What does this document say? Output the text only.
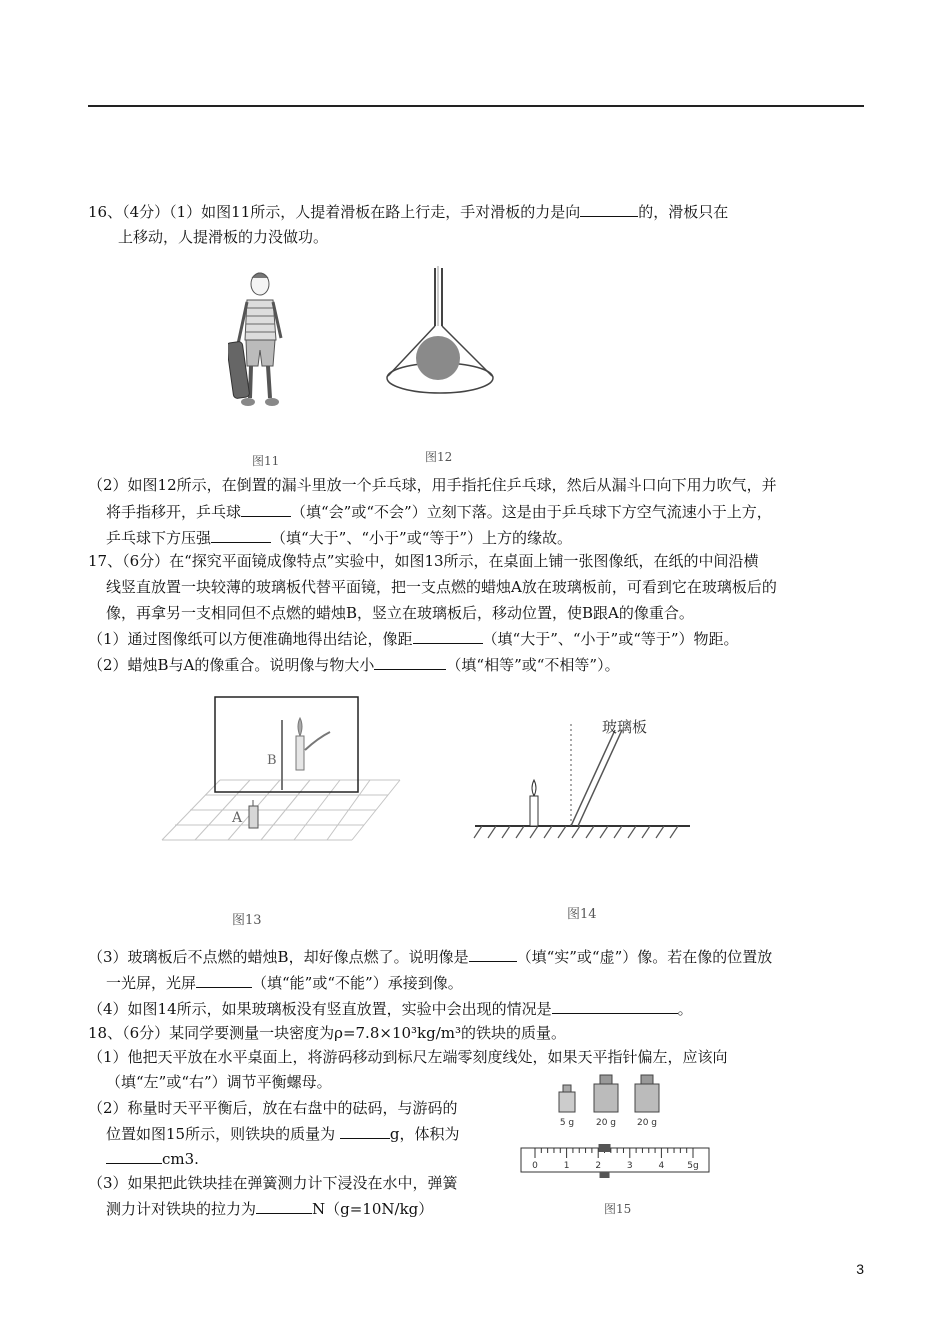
16、（4分）（1）如图11所示，人提着滑板在路上行走，手对滑板的力是向	的，滑板只在
上移动，人提滑板的力没做功。
图11	图12
（2）如图12所示，在倒置的漏斗里放一个乒乓球，用手指托住乒乓球，然后从漏斗口向下用力吹气，并
将手指移开，乒乓球	（填“会”或“不会”）立刻下落。这是由于乒乓球下方空气流速小于上方，
乒乓球下方压强	（填“大于”、“小于”或“等于”）上方的缘故。
17、（6分）在“探究平面镜成像特点”实验中，如图13所示，在桌面上铺一张图像纸，在纸的中间沿横
线竖直放置一块较薄的玻璃板代替平面镜，把一支点燃的蜡烛A放在玻璃板前，可看到它在玻璃板后的
像，再拿另一支相同但不点燃的蜡烛B，竖立在玻璃板后，移动位置，使B跟A的像重合。
（1）通过图像纸可以方便准确地得出结论，像距	（填“大于”、“小于”或“等于”）物距。
（2）蜡烛B与A的像重合。说明像与物大小	（填“相等”或“不相等”）。
B
A
图13
玻璃板
图14
（3）玻璃板后不点燃的蜡烛B，却好像点燃了。说明像是	（填“实”或“虚”）像。若在像的位置放
一光屏，光屏	（填“能”或“不能”）承接到像。
（4）如图14所示，如果玻璃板没有竖直放置，实验中会出现的情况是	。
18、（6分）某同学要测量一块密度为ρ=7.8×10³kg/m³的铁块的质量。
（1）他把天平放在水平桌面上，将游码移动到标尺左端零刻度线处，如果天平指针偏左，应该向
（填“左”或“右”）调节平衡螺母。
（2）称量时天平平衡后，放在右盘中的砝码，与游码的
位置如图15所示，则铁块的质量为	g，体积为
cm3.
（3）如果把此铁块挂在弹簧测力计下浸没在水中，弹簧
测力计对铁块的拉力为	N（g=10N/kg）
5 g 20 g 20 g
0	1	2	3	4	5g
图15
3
